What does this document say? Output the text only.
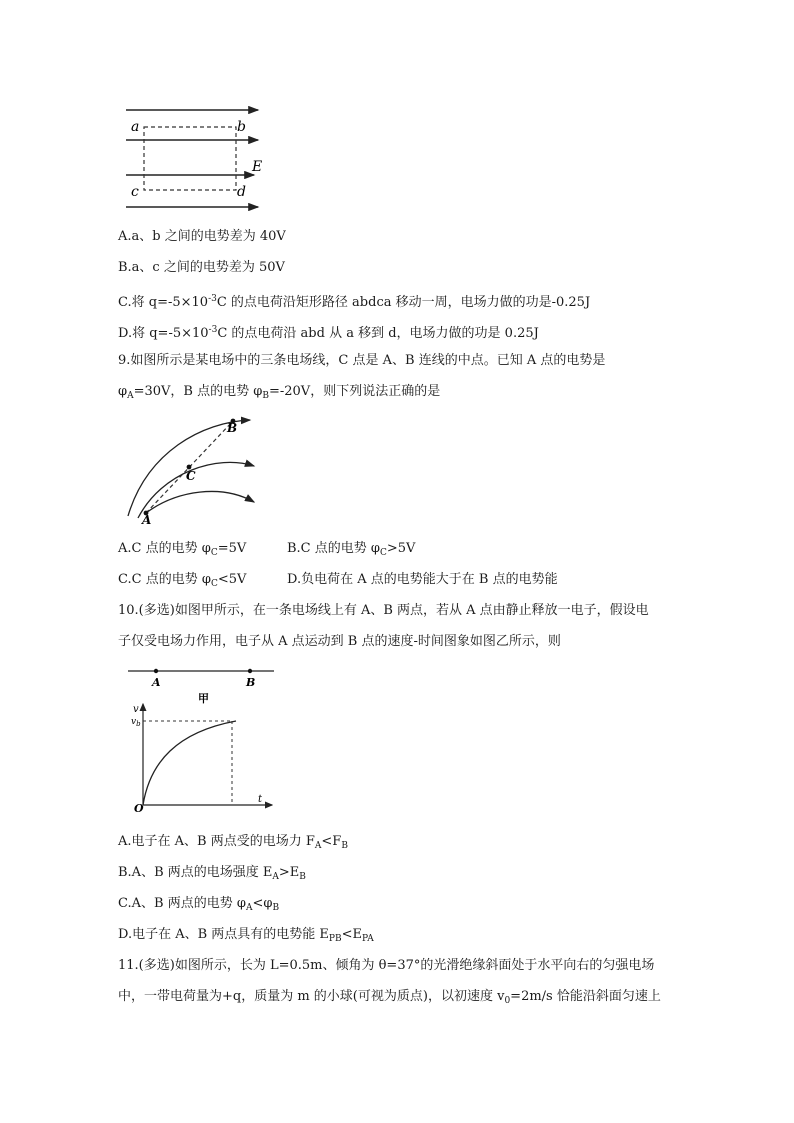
a	b
c	d
E
A.a、b 之间的电势差为 40V
B.a、c 之间的电势差为 50V
C.将 $q=-5\times 10^{-3}C$ 的点电荷沿矩形路径 abdca 移动一周，电场力做的功是-0.25J
D.将 $q=-5\times 10^{-3}C$ 的点电荷沿 abd 从 a 移到 d，电场力做的功是 0.25J
9.如图所示是某电场中的三条电场线，C 点是 A、B 连线的中点。已知 A 点的电势是
$\varphi_A=30V$，B 点的电势 $\varphi_B=-20V$，则下列说法正确的是
A
B
C
A.C 点的电势 $\varphi_C=5V$	B.C 点的电势 $\varphi_C>5V$
C.C 点的电势 $\varphi_C<5V$	D.负电荷在 A 点的电势能大于在 B 点的电势能
10.(多选)如图甲所示，在一条电场线上有 A、B 两点，若从 A 点由静止释放一电子，假设电
子仅受电场力作用，电子从 A 点运动到 B 点的速度-时间图象如图乙所示，则
A	B
甲
v
$v_b$
O
t
A.电子在 A、B 两点受的电场力 $F_A<F_B$
B.A、B 两点的电场强度 $E_A>E_B$
C.A、B 两点的电势 $\varphi_A<\varphi_B$
D.电子在 A、B 两点具有的电势能 $E_{PB}<E_{PA}$
11.(多选)如图所示，长为 L=0.5m、倾角为 θ=37°的光滑绝缘斜面处于水平向右的匀强电场
中，一带电荷量为+q，质量为 m 的小球(可视为质点)，以初速度 $v_0=2m/s$ 恰能沿斜面匀速上
